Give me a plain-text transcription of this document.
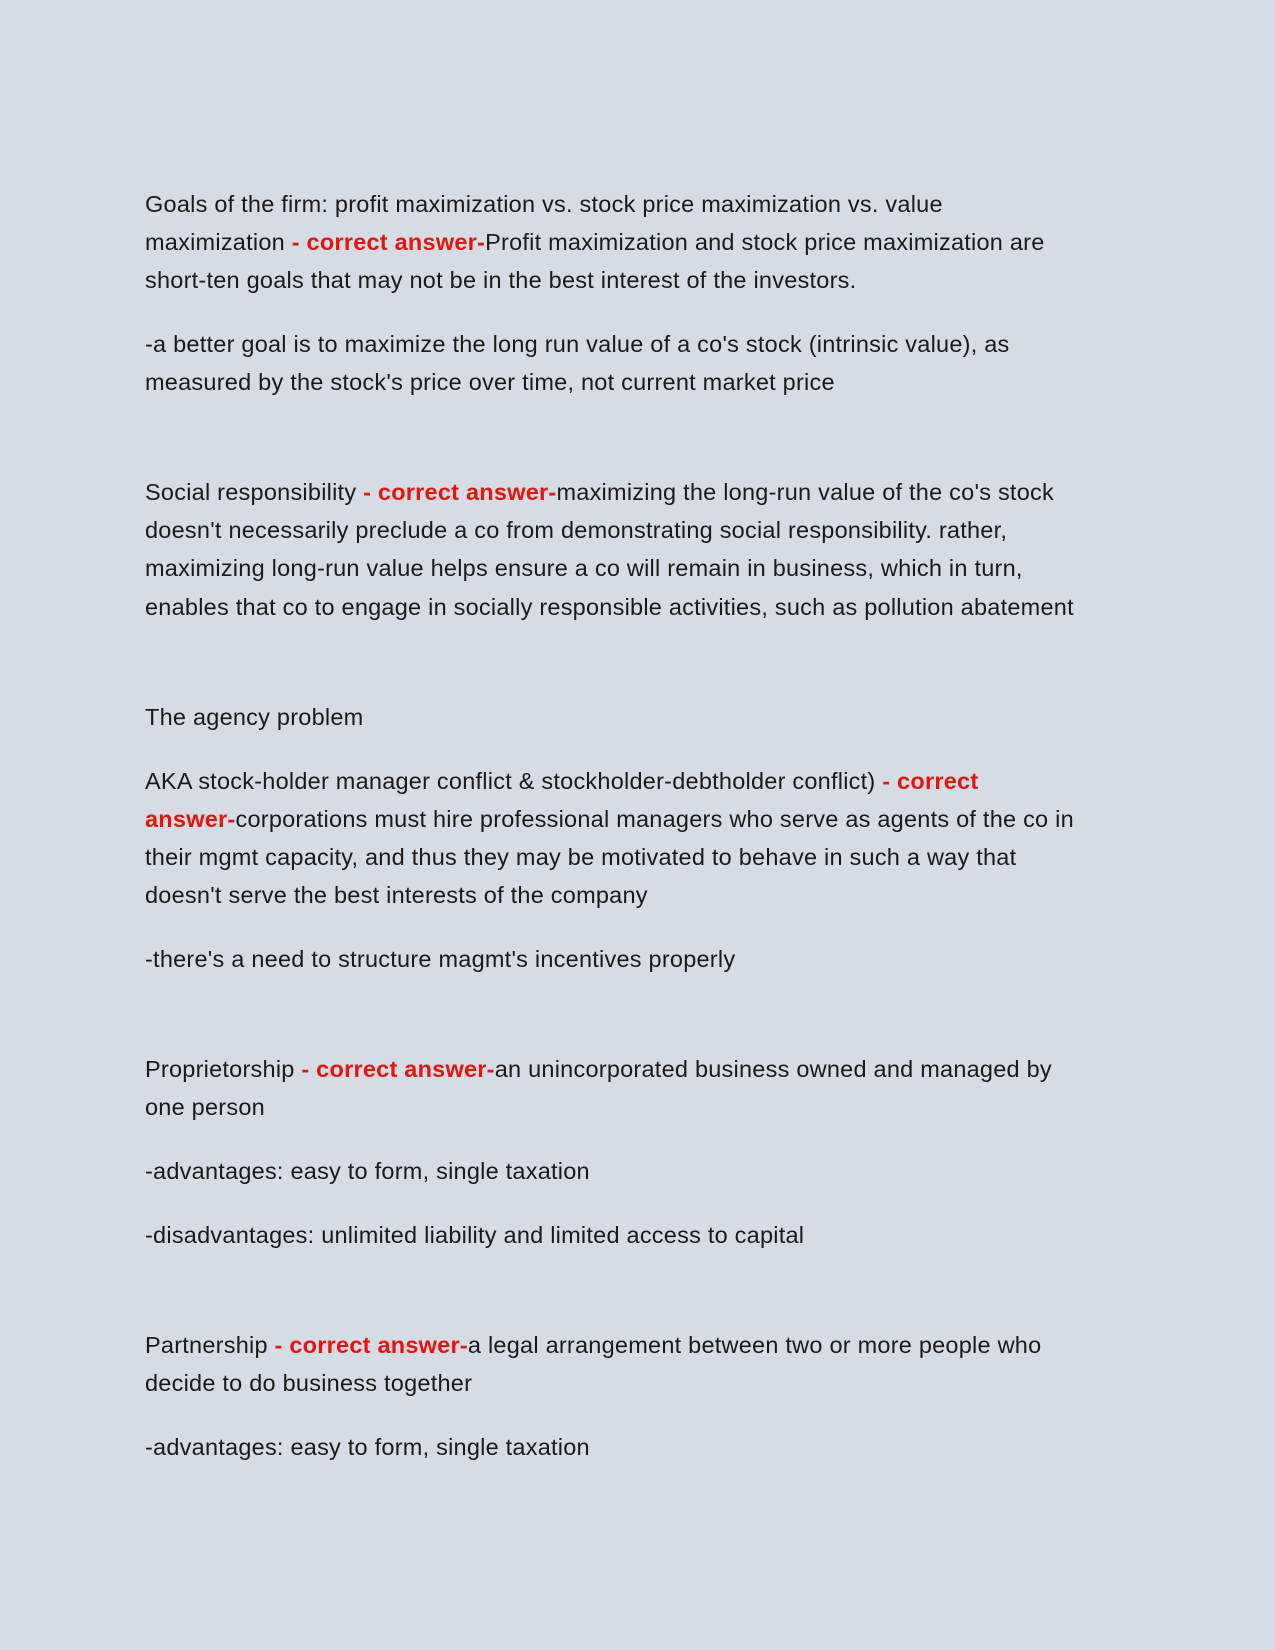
Goals of the firm: profit maximization vs. stock price maximization vs. value maximization - correct answer-Profit maximization and stock price maximization are short-ten goals that may not be in the best interest of the investors.

-a better goal is to maximize the long run value of a co's stock (intrinsic value), as measured by the stock's price over time, not current market price

Social responsibility - correct answer-maximizing the long-run value of the co's stock doesn't necessarily preclude a co from demonstrating social responsibility. rather, maximizing long-run value helps ensure a co will remain in business, which in turn, enables that co to engage in socially responsible activities, such as pollution abatement

The agency problem

AKA stock-holder manager conflict & stockholder-debtholder conflict) - correct answer-corporations must hire professional managers who serve as agents of the co in their mgmt capacity, and thus they may be motivated to behave in such a way that doesn't serve the best interests of the company

-there's a need to structure magmt's incentives properly

Proprietorship - correct answer-an unincorporated business owned and managed by one person

-advantages: easy to form, single taxation

-disadvantages: unlimited liability and limited access to capital

Partnership - correct answer-a legal arrangement between two or more people who decide to do business together

-advantages: easy to form, single taxation
